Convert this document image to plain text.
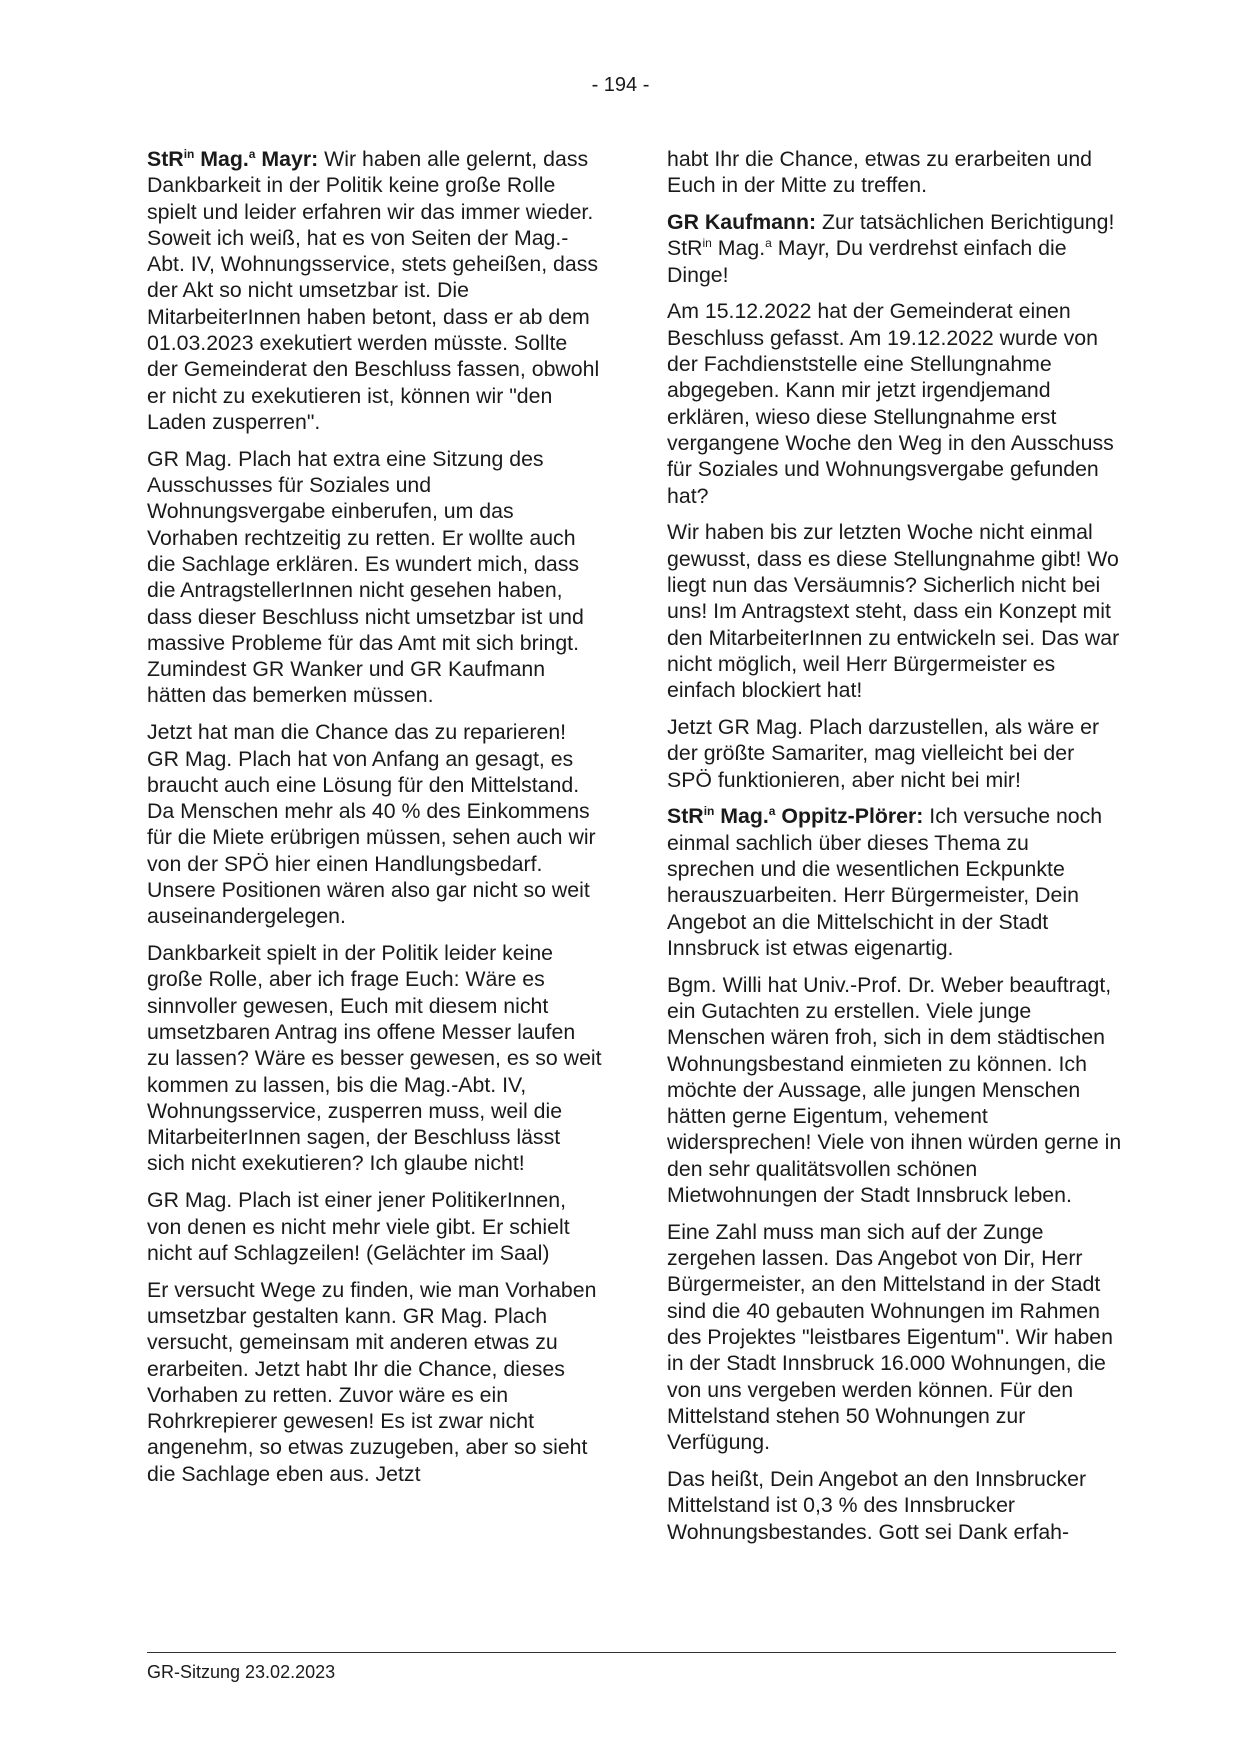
- 194 -

StR$^{in}$ Mag.$^a$ Mayr: Wir haben alle gelernt, dass Dankbarkeit in der Politik keine große Rolle spielt und leider erfahren wir das immer wieder. Soweit ich weiß, hat es von Seiten der Mag.-Abt. IV, Wohnungsservice, stets geheißen, dass der Akt so nicht umsetzbar ist. Die MitarbeiterInnen haben betont, dass er ab dem 01.03.2023 exekutiert werden müsste. Sollte der Gemeinderat den Beschluss fassen, obwohl er nicht zu exekutieren ist, können wir "den Laden zusperren".

GR Mag. Plach hat extra eine Sitzung des Ausschusses für Soziales und Wohnungsvergabe einberufen, um das Vorhaben rechtzeitig zu retten. Er wollte auch die Sachlage erklären. Es wundert mich, dass die AntragstellerInnen nicht gesehen haben, dass dieser Beschluss nicht umsetzbar ist und massive Probleme für das Amt mit sich bringt. Zumindest GR Wanker und GR Kaufmann hätten das bemerken müssen.

Jetzt hat man die Chance das zu reparieren! GR Mag. Plach hat von Anfang an gesagt, es braucht auch eine Lösung für den Mittelstand. Da Menschen mehr als 40 % des Einkommens für die Miete erübrigen müssen, sehen auch wir von der SPÖ hier einen Handlungsbedarf. Unsere Positionen wären also gar nicht so weit auseinandergelegen.

Dankbarkeit spielt in der Politik leider keine große Rolle, aber ich frage Euch: Wäre es sinnvoller gewesen, Euch mit diesem nicht umsetzbaren Antrag ins offene Messer laufen zu lassen? Wäre es besser gewesen, es so weit kommen zu lassen, bis die Mag.-Abt. IV, Wohnungsservice, zusperren muss, weil die MitarbeiterInnen sagen, der Beschluss lässt sich nicht exekutieren? Ich glaube nicht!

GR Mag. Plach ist einer jener PolitikerInnen, von denen es nicht mehr viele gibt. Er schielt nicht auf Schlagzeilen! (Gelächter im Saal)

Er versucht Wege zu finden, wie man Vorhaben umsetzbar gestalten kann. GR Mag. Plach versucht, gemeinsam mit anderen etwas zu erarbeiten. Jetzt habt Ihr die Chance, dieses Vorhaben zu retten. Zuvor wäre es ein Rohrkrepierer gewesen! Es ist zwar nicht angenehm, so etwas zuzugeben, aber so sieht die Sachlage eben aus. Jetzt

habt Ihr die Chance, etwas zu erarbeiten und Euch in der Mitte zu treffen.

GR Kaufmann: Zur tatsächlichen Berichtigung! StR$^{in}$ Mag.$^a$ Mayr, Du verdrehst einfach die Dinge!

Am 15.12.2022 hat der Gemeinderat einen Beschluss gefasst. Am 19.12.2022 wurde von der Fachdienststelle eine Stellungnahme abgegeben. Kann mir jetzt irgendjemand erklären, wieso diese Stellungnahme erst vergangene Woche den Weg in den Ausschuss für Soziales und Wohnungsvergabe gefunden hat?

Wir haben bis zur letzten Woche nicht einmal gewusst, dass es diese Stellungnahme gibt! Wo liegt nun das Versäumnis? Sicherlich nicht bei uns! Im Antragstext steht, dass ein Konzept mit den MitarbeiterInnen zu entwickeln sei. Das war nicht möglich, weil Herr Bürgermeister es einfach blockiert hat!

Jetzt GR Mag. Plach darzustellen, als wäre er der größte Samariter, mag vielleicht bei der SPÖ funktionieren, aber nicht bei mir!

StR$^{in}$ Mag.$^a$ Oppitz-Plörer: Ich versuche noch einmal sachlich über dieses Thema zu sprechen und die wesentlichen Eckpunkte herauszuarbeiten. Herr Bürgermeister, Dein Angebot an die Mittelschicht in der Stadt Innsbruck ist etwas eigenartig.

Bgm. Willi hat Univ.-Prof. Dr. Weber beauftragt, ein Gutachten zu erstellen. Viele junge Menschen wären froh, sich in dem städtischen Wohnungsbestand einmieten zu können. Ich möchte der Aussage, alle jungen Menschen hätten gerne Eigentum, vehement widersprechen! Viele von ihnen würden gerne in den sehr qualitätsvollen schönen Mietwohnungen der Stadt Innsbruck leben.

Eine Zahl muss man sich auf der Zunge zergehen lassen. Das Angebot von Dir, Herr Bürgermeister, an den Mittelstand in der Stadt sind die 40 gebauten Wohnungen im Rahmen des Projektes "leistbares Eigentum". Wir haben in der Stadt Innsbruck 16.000 Wohnungen, die von uns vergeben werden können. Für den Mittelstand stehen 50 Wohnungen zur Verfügung.

Das heißt, Dein Angebot an den Innsbrucker Mittelstand ist 0,3 % des Innsbrucker Wohnungsbestandes. Gott sei Dank erfah-

GR-Sitzung 23.02.2023
